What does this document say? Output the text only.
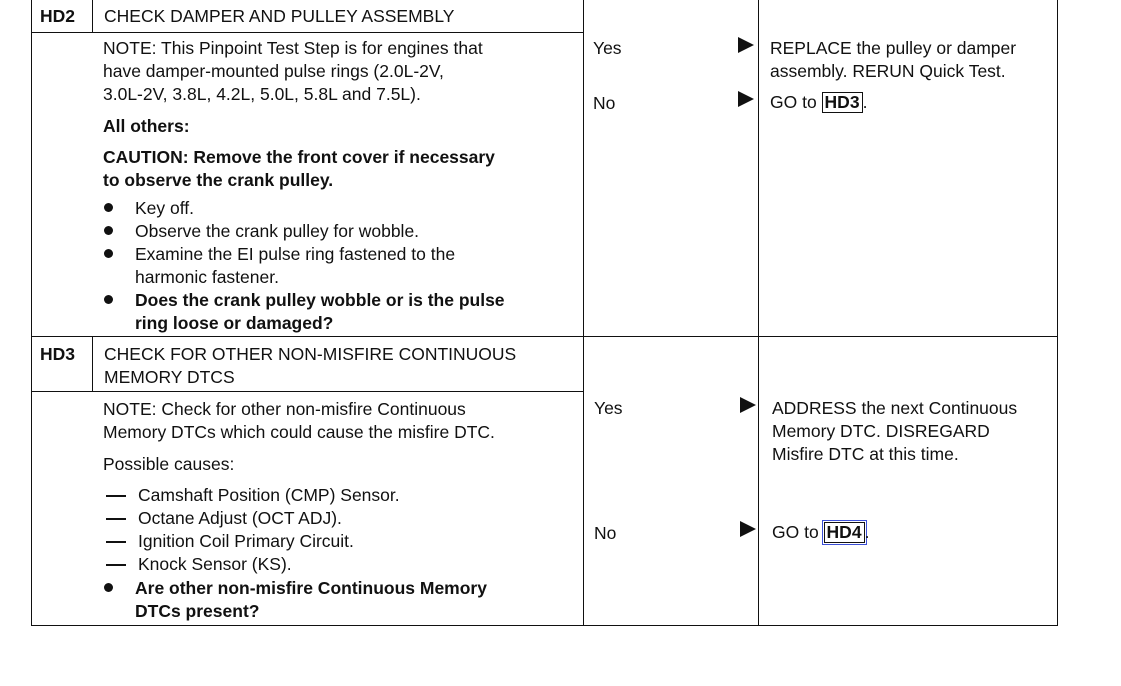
HD2 CHECK DAMPER AND PULLEY ASSEMBLY
NOTE: This Pinpoint Test Step is for engines that
have damper-mounted pulse rings (2.0L-2V,
3.0L-2V, 3.8L, 4.2L, 5.0L, 5.8L and 7.5L).
All others:
CAUTION: Remove the front cover if necessary
to observe the crank pulley.
Key off.
Observe the crank pulley for wobble.
Examine the EI pulse ring fastened to the
harmonic fastener.
Does the crank pulley wobble or is the pulse
ring loose or damaged?
Yes	REPLACE the pulley or damper
assembly. RERUN Quick Test.
No	GO to HD3 .
HD3 CHECK FOR OTHER NON-MISFIRE CONTINUOUS
MEMORY DTCS
NOTE: Check for other non-misfire Continuous
Memory DTCs which could cause the misfire DTC.
Possible causes:
Camshaft Position (CMP) Sensor.
Octane Adjust (OCT ADJ).
Ignition Coil Primary Circuit.
Knock Sensor (KS).
Are other non-misfire Continuous Memory
DTCs present?
Yes	ADDRESS the next Continuous
Memory DTC. DISREGARD
Misfire DTC at this time.
No	GO to HD4 .
